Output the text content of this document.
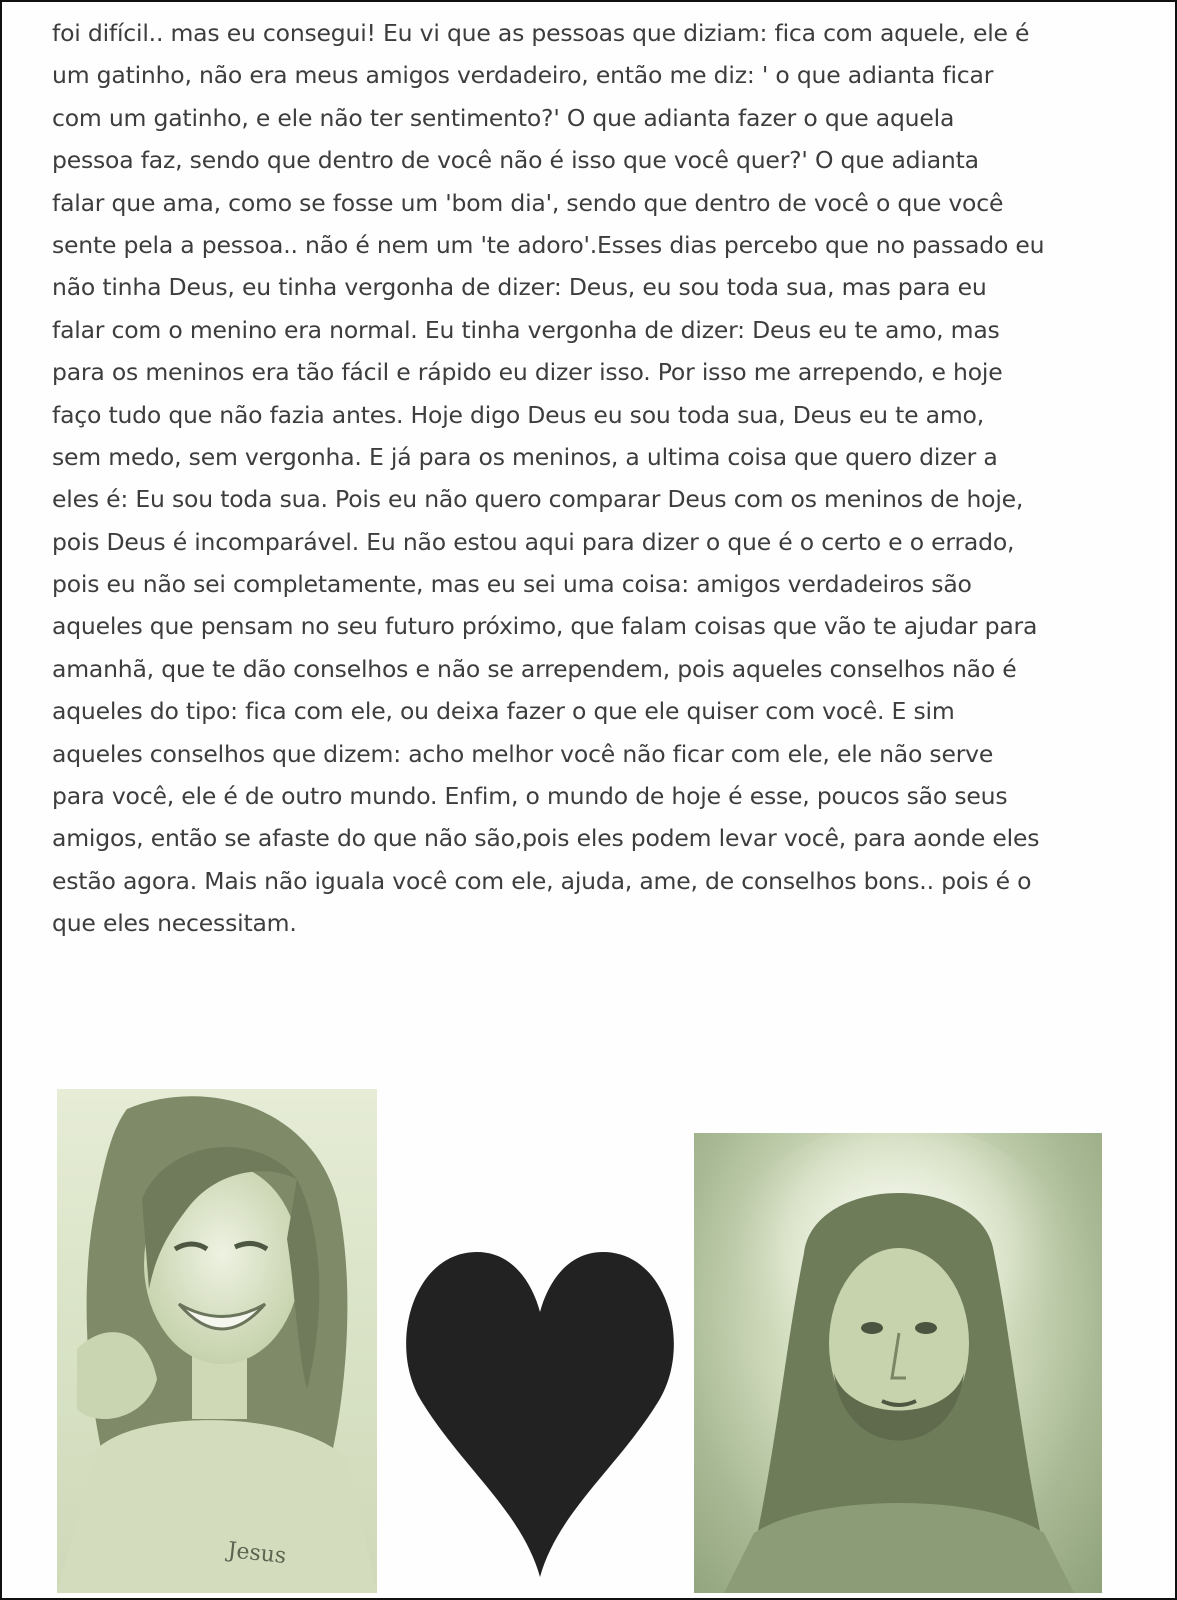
foi difícil.. mas eu consegui! Eu vi que as pessoas que diziam: fica com aquele, ele é
um gatinho, não era meus amigos verdadeiro, então me diz: ' o que adianta ficar
com um gatinho, e ele não ter sentimento?' O que adianta fazer o que aquela
pessoa faz, sendo que dentro de você não é isso que você quer?' O que adianta
falar que ama, como se fosse um 'bom dia', sendo que dentro de você o que você
sente pela a pessoa.. não é nem um 'te adoro'.Esses dias percebo que no passado eu
não tinha Deus, eu tinha vergonha de dizer: Deus, eu sou toda sua, mas para eu
falar com o menino era normal. Eu tinha vergonha de dizer: Deus eu te amo, mas
para os meninos era tão fácil e rápido eu dizer isso. Por isso me arrependo, e hoje
faço tudo que não fazia antes. Hoje digo Deus eu sou toda sua, Deus eu te amo,
sem medo, sem vergonha. E já para os meninos, a ultima coisa que quero dizer a
eles é: Eu sou toda sua. Pois eu não quero comparar Deus com os meninos de hoje,
pois Deus é incomparável. Eu não estou aqui para dizer o que é o certo e o errado,
pois eu não sei completamente, mas eu sei uma coisa: amigos verdadeiros são
aqueles que pensam no seu futuro próximo, que falam coisas que vão te ajudar para
amanhã, que te dão conselhos e não se arrependem, pois aqueles conselhos não é
aqueles do tipo: fica com ele, ou deixa fazer o que ele quiser com você. E sim
aqueles conselhos que dizem: acho melhor você não ficar com ele, ele não serve
para você, ele é de outro mundo. Enfim, o mundo de hoje é esse, poucos são seus
amigos, então se afaste do que não são,pois eles podem levar você, para aonde eles
estão agora. Mais não iguala você com ele, ajuda, ame, de conselhos bons.. pois é o
que eles necessitam.
Jesus
